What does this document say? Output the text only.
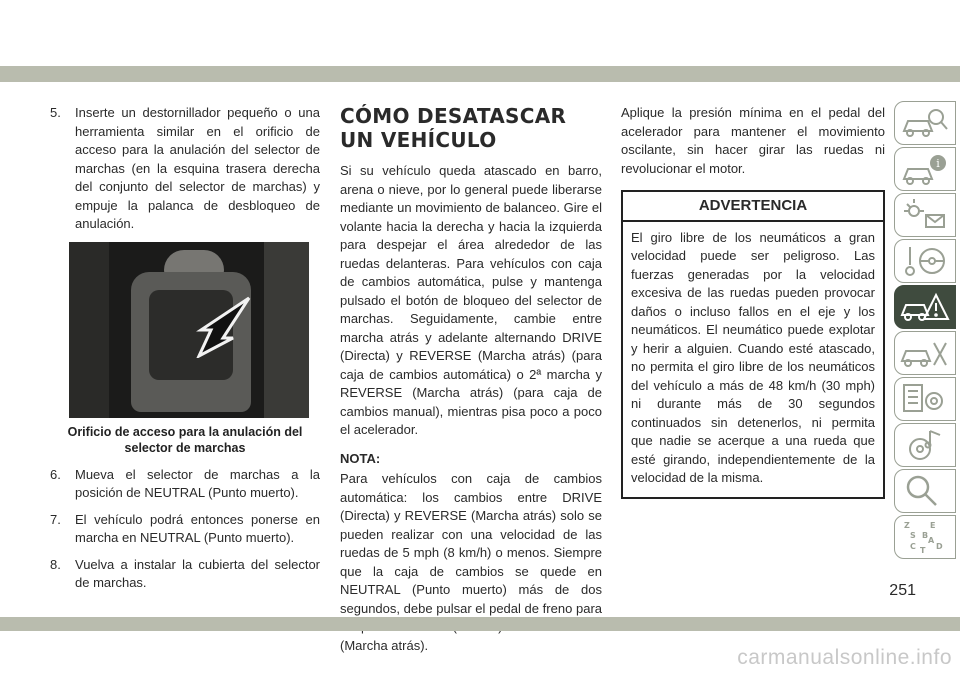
5. Inserte un destornillador pequeño o una herramienta similar en el orificio de acceso para la anulación del selector de marchas (en la esquina trasera derecha del conjunto del selector de marchas) y empuje la palanca de desbloqueo de anulación.
Orificio de acceso para la anulación del selector de marchas
6. Mueva el selector de marchas a la posición de NEUTRAL (Punto muerto).
7. El vehículo podrá entonces ponerse en marcha en NEUTRAL (Punto muerto).
8. Vuelva a instalar la cubierta del selector de marchas.
CÓMO DESATASCAR UN VEHÍCULO

Si su vehículo queda atascado en barro, arena o nieve, por lo general puede liberarse mediante un movimiento de balanceo. Gire el volante hacia la derecha y hacia la izquierda para despejar el área alrededor de las ruedas delanteras. Para vehículos con caja de cambios automática, pulse y mantenga pulsado el botón de bloqueo del selector de marchas. Seguidamente, cambie entre marcha atrás y adelante alternando DRIVE (Directa) y REVERSE (Marcha atrás) (para caja de cambios automática) o 2ª marcha y REVERSE (Marcha atrás) (para caja de cambios manual), mientras pisa poco a poco el acelerador.

NOTA:

Para vehículos con caja de cambios automática: los cambios entre DRIVE (Directa) y REVERSE (Marcha atrás) solo se pueden realizar con una velocidad de las ruedas de 5 mph (8 km/h) o menos. Siempre que la caja de cambios se quede en NEUTRAL (Punto muerto) más de dos segundos, debe pulsar el pedal de freno para (Marcha atrás).

Aplique la presión mínima en el pedal del acelerador para mantener el movimiento oscilante, sin hacer girar las ruedas ni revolucionar el motor.

ADVERTENCIA
El giro libre de los neumáticos a gran velocidad puede ser peligroso. Las fuerzas generadas por la velocidad excesiva de las ruedas pueden provocar daños o incluso fallos en el eje y los neumáticos. El neumático puede explotar y herir a alguien. Cuando esté atascado, no permita el giro libre de los neumáticos del vehículo a más de 48 km/h (30 mph) ni durante más de 30 segundos continuados sin detenerlos, ni permita que nadie se acerque a una rueda que esté girando, independientemente de la velocidad de la misma.
i
Z	E
S B
C
A
D
T
251
carmanualsonline.info
